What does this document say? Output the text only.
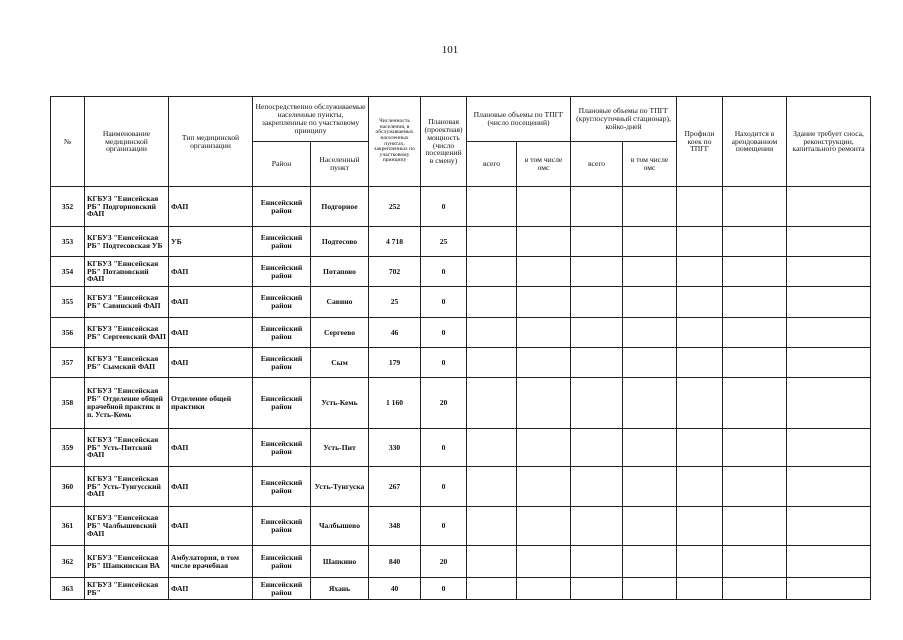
101
№	Наименование медицинской организации	Тип медицинской организации	Непосредственно обслуживаемые населенные пункты, закрепленные по участковому принципу		Численность населения, в обслуживаемых населенных пунктах, закрепленных по участковому принципу	Плановая (проектная) мощность (число посещений в смену)	Плановые объемы по ТПГГ (число посещений)		Плановые объемы по ТПГГ (круглосуточный стационар), койко-дней		Профили коек по ТПГГ	Находится в арендованном помещении	Здание требует сноса, реконструкции, капитального ремонта
			Район	Населенный пункт			всего	в том числе омс	всего	в том числе омс			
352	КГБУЗ "Енисейская РБ" Подгорновский ФАП	ФАП	Енисейский район	Подгорное	252	0							
353	КГБУЗ "Енисейская РБ" Подтесовская УБ	УБ	Енисейский район	Подтесово	4 718	25							
354	КГБУЗ "Енисейская РБ" Потаповский ФАП	ФАП	Енисейский район	Потапово	702	0							
355	КГБУЗ "Енисейская РБ" Савинский ФАП	ФАП	Енисейский район	Савино	25	0							
356	КГБУЗ "Енисейская РБ" Сергеевский ФАП	ФАП	Енисейский район	Сергеево	46	0							
357	КГБУЗ "Енисейская РБ" Сымский ФАП	ФАП	Енисейский район	Сым	179	0							
358	КГБУЗ "Енисейская РБ" Отделение общей врачебной практик и п. Усть-Кемь	Отделение общей практики	Енисейский район	Усть-Кемь	1 160	20							
359	КГБУЗ "Енисейская РБ" Усть-Питский ФАП	ФАП	Енисейский район	Усть-Пит	330	0							
360	КГБУЗ "Енисейская РБ" Усть-Тунгусский ФАП	ФАП	Енисейский район	Усть-Тунгуска	267	0							
361	КГБУЗ "Енисейская РБ" Чалбышевский ФАП	ФАП	Енисейский район	Чалбышево	348	0							
362	КГБУЗ "Енисейская РБ" Шапкинская ВА	Амбулатория, в том числе врачебная	Енисейский район	Шапкино	840	20							
363	КГБУЗ "Енисейская РБ"	ФАП	Енисейский район	Яхань	40	0							
